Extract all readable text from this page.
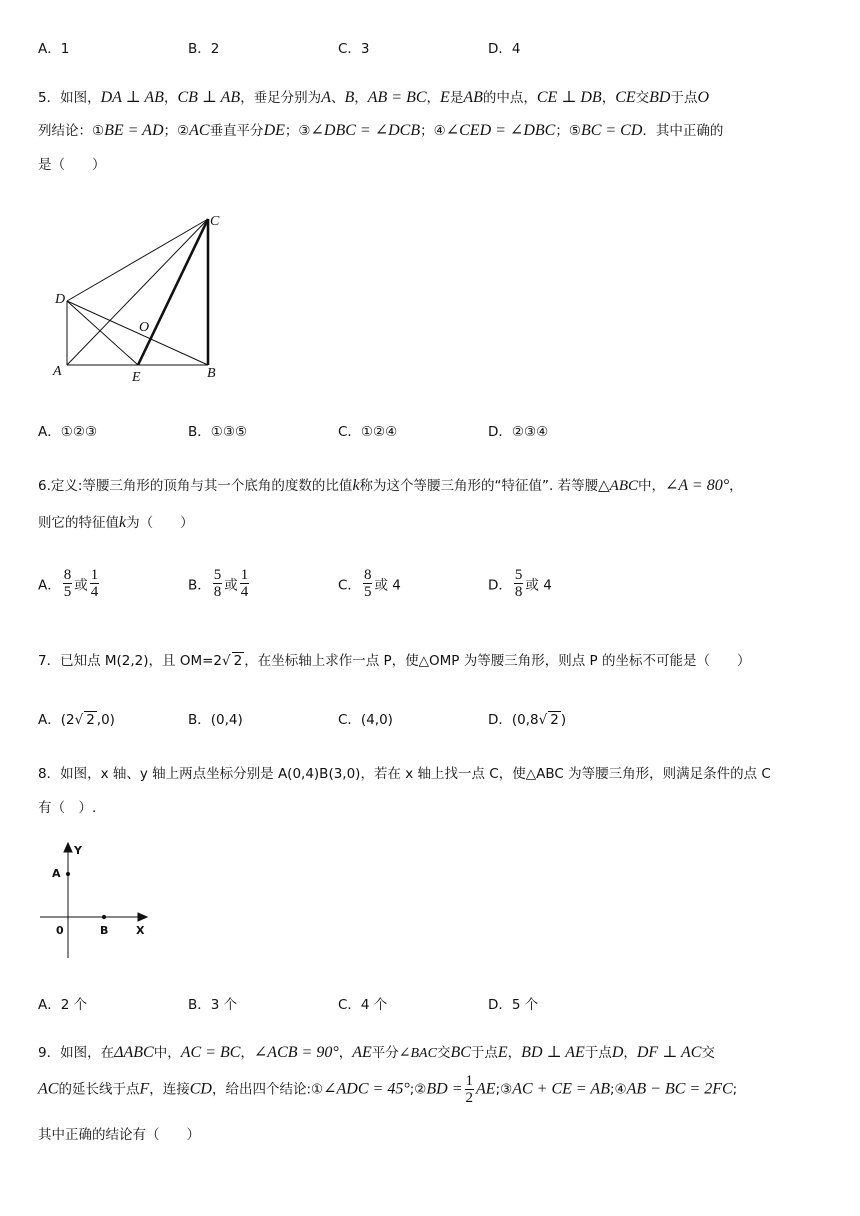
A．1	B．2	C．3	D．4
5．如图，DA ⊥ AB，CB ⊥ AB，垂足分别为A、B，AB = BC，E是AB的中点，CE ⊥ DB，CE交BD于点O
列结论：①BE = AD；②AC垂直平分DE；③∠DBC = ∠DCB；④∠CED = ∠DBC；⑤BC = CD．其中正确的
是（　　）
C
D
O
A	E	B
A．①②③	B．①③⑤	C．①②④	D．②③④
6.定义:等腰三角形的顶角与其一个底角的度数的比值k称为这个等腰三角形的“特征值”. 若等腰△ABC中，∠A = 80°，
则它的特征值k为（　　）
A． $\frac{8}{5}$ 或 $\frac{1}{4}$	B． $\frac{5}{8}$ 或 $\frac{1}{4}$	C． $\frac{8}{5}$ 或 4	D． $\frac{5}{8}$ 或 4
7．已知点 M(2,2)，且 OM=2√ 2 ，在坐标轴上求作一点 P，使△OMP 为等腰三角形，则点 P 的坐标不可能是（　　）
A．(2√ 2 ,0)	B．(0,4)	C．(4,0)	D．(0,8√ 2 )
8．如图，x 轴、y 轴上两点坐标分别是 A(0,4)B(3,0)，若在 x 轴上找一点 C，使△ABC 为等腰三角形，则满足条件的点 C
有（　）.
Y
A
0	B	X
A．2 个	B．3 个	C．4 个	D．5 个
9．如图，在ΔABC中，AC = BC，∠ACB = 90°，AE平分∠BAC交BC于点E，BD ⊥ AE于点D，DF ⊥ AC交
AC的延长线于点F，连接CD，给出四个结论:①∠ADC = 45°;②BD = $\frac{1}{2}$ AE;③AC + CE = AB;④AB − BC = 2FC;
其中正确的结论有（　　）
